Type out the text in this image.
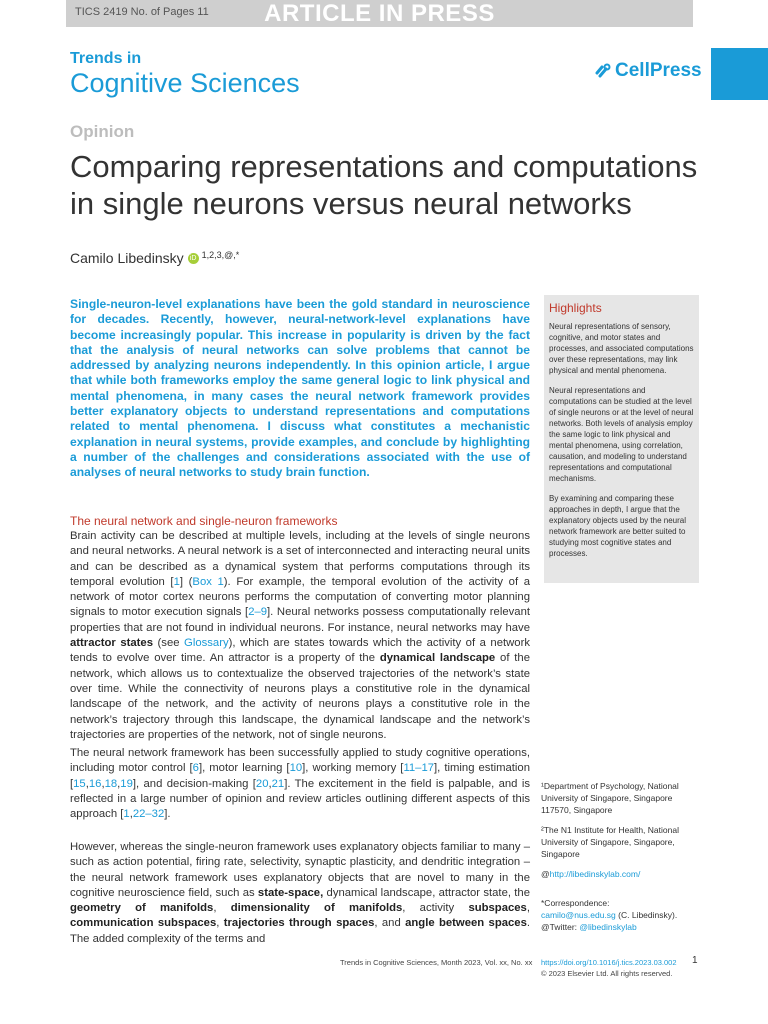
TICS 2419 No. of Pages 11	ARTICLE IN PRESS
Trends in
Cognitive Sciences	CellPress
Opinion
Comparing representations and computations in single neurons versus neural networks
Camilo Libedinsky iD $^{1,2,3,@,*}$
Single-neuron-level explanations have been the gold standard in neuroscience for decades. Recently, however, neural-network-level explanations have become increasingly popular. This increase in popularity is driven by the fact that the analysis of neural networks can solve problems that cannot be addressed by analyzing neurons independently. In this opinion article, I argue that while both frameworks employ the same general logic to link physical and mental phenomena, in many cases the neural network framework provides better explanatory objects to understand representations and computations related to mental phenomena. I discuss what constitutes a mechanistic explanation in neural systems, provide examples, and conclude by highlighting a number of the challenges and considerations associated with the use of analyses of neural networks to study brain function.
Highlights

Neural representations of sensory, cognitive, and motor states and processes, and associated computations over these representations, may link physical and mental phenomena.

Neural representations and computations can be studied at the level of single neurons or at the level of neural networks. Both levels of analysis employ the same logic to link physical and mental phenomena, using correlation, causation, and modeling to understand representations and computational mechanisms.

By examining and comparing these approaches in depth, I argue that the explanatory objects used by the neural network framework are better suited to studying most cognitive states and processes.

The neural network and single-neuron frameworks

Brain activity can be described at multiple levels, including at the levels of single neurons and neural networks. A neural network is a set of interconnected and interacting neural units and can be described as a dynamical system that performs computations through its temporal evolution [1] (Box 1). For example, the temporal evolution of the activity of a network of motor cortex neurons performs the computation of converting motor planning signals to motor execution signals [2–9]. Neural networks possess computationally relevant properties that are not found in individual neurons. For instance, neural networks may have attractor states (see Glossary), which are states towards which the activity of a network tends to evolve over time. An attractor is a property of the dynamical landscape of the network, which allows us to contextualize the observed trajectories of the network’s state over time. While the connectivity of neurons plays a constitutive role in the dynamical landscape of the network, and the activity of neurons plays a constitutive role in the network’s trajectory through this landscape, the dynamical landscape and the network’s trajectories are properties of the network, not of single neurons.

The neural network framework has been successfully applied to study cognitive operations, including motor control [6], motor learning [10], working memory [11–17], timing estimation [15,16,18,19], and decision-making [20,21]. The excitement in the field is palpable, and is reflected in a large number of opinion and review articles outlining different aspects of this approach [1,22–32].

However, whereas the single-neuron framework uses explanatory objects familiar to many – such as action potential, firing rate, selectivity, synaptic plasticity, and dendritic integration – the neural network framework uses explanatory objects that are novel to many in the cognitive neuroscience field, such as state-space, dynamical landscape, attractor state, the geometry of manifolds, dimensionality of manifolds, activity subspaces, communication subspaces, trajectories through spaces, and angle between spaces. The added complexity of the terms and

¹Department of Psychology, National University of Singapore, Singapore 117570, Singapore

²The N1 Institute for Health, National University of Singapore, Singapore, Singapore

@http://libedinskylab.com/

*Correspondence:
camilo@nus.edu.sg (C. Libedinsky).
@Twitter: @libedinskylab
Trends in Cognitive Sciences, Month 2023, Vol. xx, No. xx https://doi.org/10.1016/j.tics.2023.03.002
© 2023 Elsevier Ltd. All rights reserved.
1
